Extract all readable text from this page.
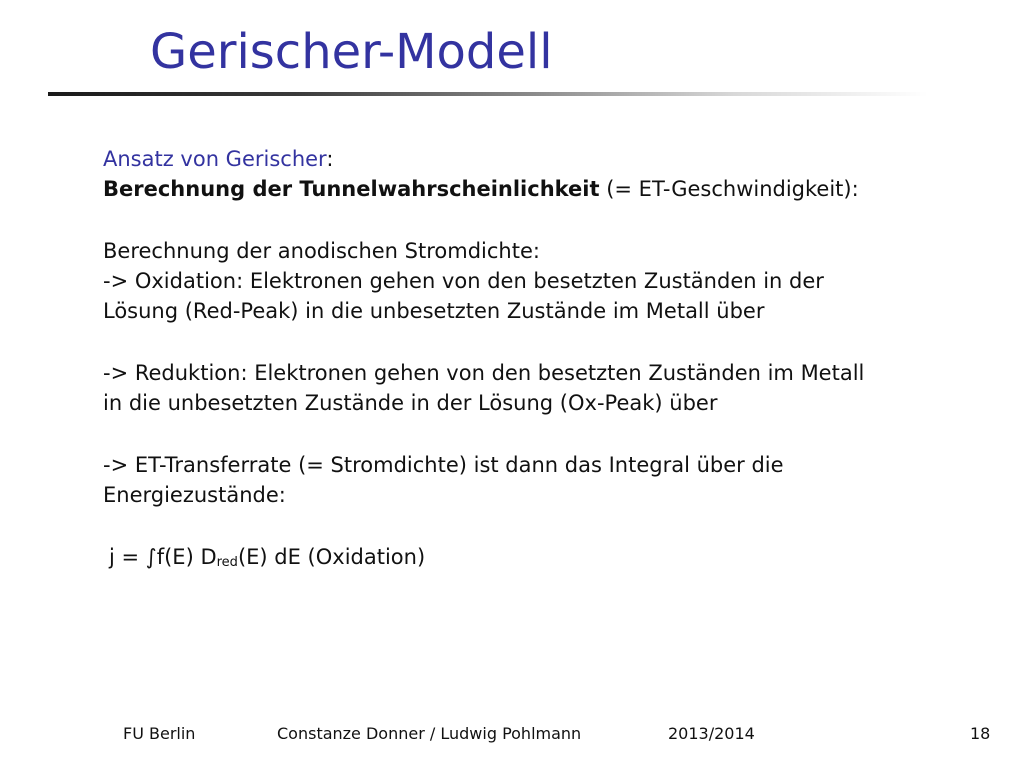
Gerischer-Modell
Ansatz von Gerischer:
Berechnung der Tunnelwahrscheinlichkeit (= ET-Geschwindigkeit):
Berechnung der anodischen Stromdichte:
-> Oxidation: Elektronen gehen von den besetzten Zuständen in der
Lösung (Red-Peak) in die unbesetzten Zustände im Metall über
-> Reduktion: Elektronen gehen von den besetzten Zuständen im Metall
in die unbesetzten Zustände in der Lösung (Ox-Peak) über
-> ET-Transferrate (= Stromdichte) ist dann das Integral über die
Energiezustände:
j = ∫f(E) Dred(E) dE (Oxidation)
FU Berlin	Constanze Donner / Ludwig Pohlmann	2013/2014	18
